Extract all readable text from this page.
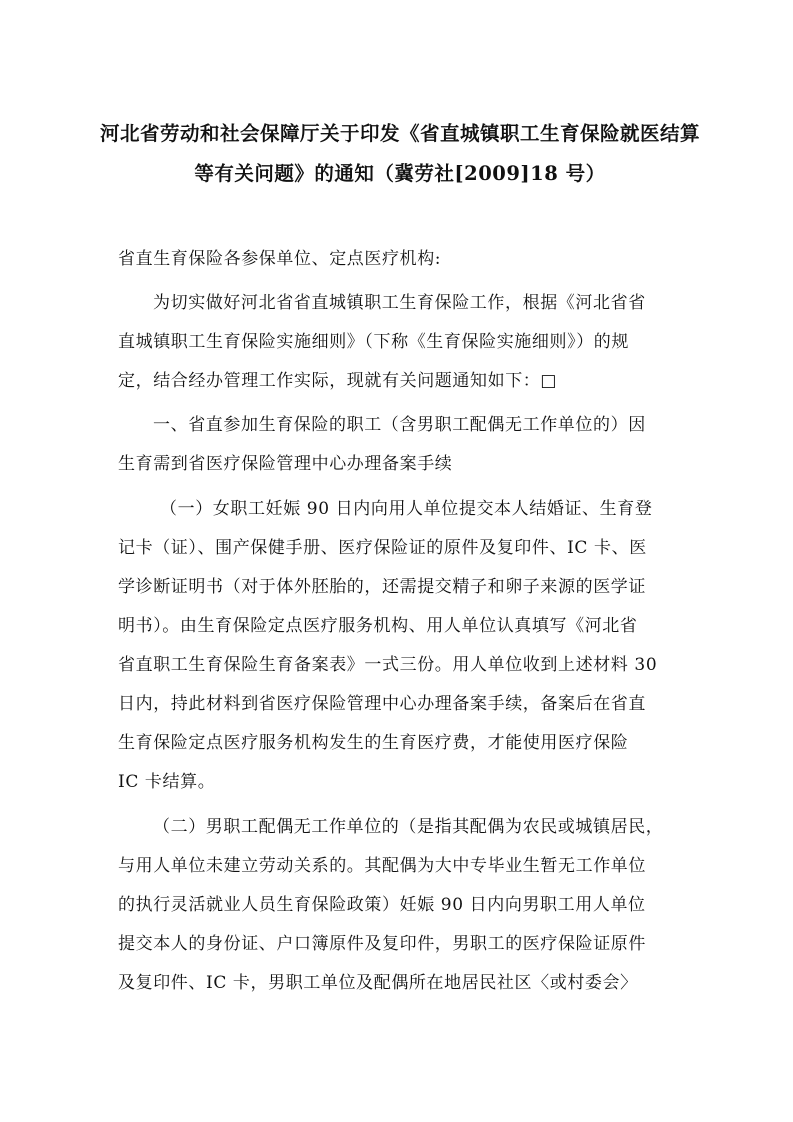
河北省劳动和社会保障厅关于印发《省直城镇职工生育保险就医结算
等有关问题》的通知（冀劳社[2009]18 号）
省直生育保险各参保单位、定点医疗机构:
为切实做好河北省省直城镇职工生育保险工作，根据《河北省省
直城镇职工生育保险实施细则》（下称《生育保险实施细则》）的规
定，结合经办管理工作实际，现就有关问题通知如下：□
一、省直参加生育保险的职工（含男职工配偶无工作单位的）因
生育需到省医疗保险管理中心办理备案手续
（一）女职工妊娠 90 日内向用人单位提交本人结婚证、生育登
记卡（证）、围产保健手册、医疗保险证的原件及复印件、IC 卡、医
学诊断证明书（对于体外胚胎的，还需提交精子和卵子来源的医学证
明书）。由生育保险定点医疗服务机构、用人单位认真填写《河北省
省直职工生育保险生育备案表》一式三份。用人单位收到上述材料 30
日内，持此材料到省医疗保险管理中心办理备案手续，备案后在省直
生育保险定点医疗服务机构发生的生育医疗费，才能使用医疗保险
IC 卡结算。
（二）男职工配偶无工作单位的（是指其配偶为农民或城镇居民，
与用人单位未建立劳动关系的。其配偶为大中专毕业生暂无工作单位
的执行灵活就业人员生育保险政策）妊娠 90 日内向男职工用人单位
提交本人的身份证、户口簿原件及复印件，男职工的医疗保险证原件
及复印件、IC 卡，男职工单位及配偶所在地居民社区〈或村委会〉
